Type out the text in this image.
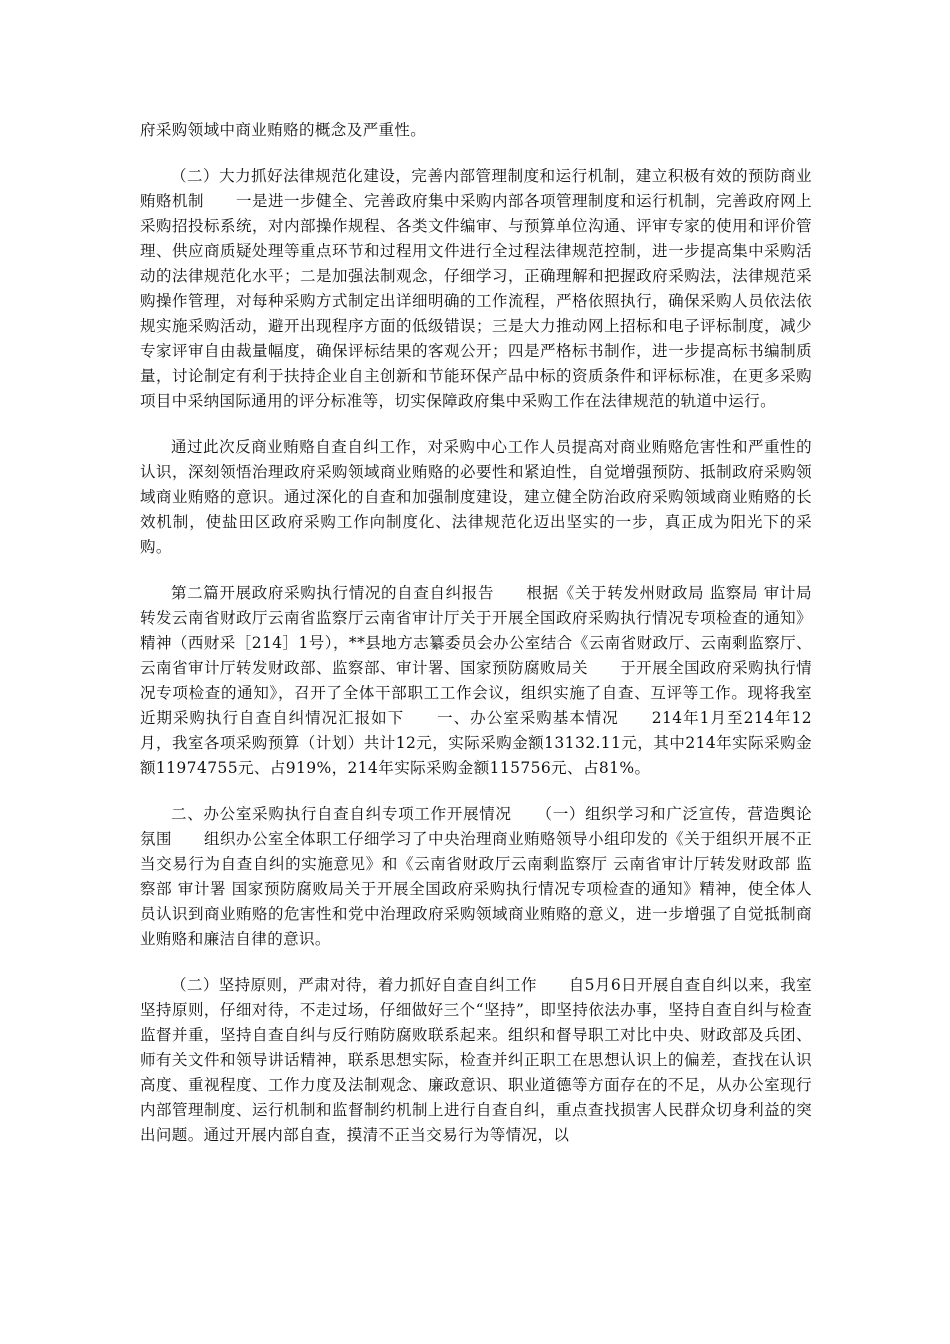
府采购领域中商业贿赂的概念及严重性。

（二）大力抓好法律规范化建设，完善内部管理制度和运行机制，建立积极有效的预防商业贿赂机制　　一是进一步健全、完善政府集中采购内部各项管理制度和运行机制，完善政府网上采购招投标系统，对内部操作规程、各类文件编审、与预算单位沟通、评审专家的使用和评价管理、供应商质疑处理等重点环节和过程用文件进行全过程法律规范控制，进一步提高集中采购活动的法律规范化水平；二是加强法制观念，仔细学习，正确理解和把握政府采购法，法律规范采购操作管理，对每种采购方式制定出详细明确的工作流程，严格依照执行，确保采购人员依法依规实施采购活动，避开出现程序方面的低级错误；三是大力推动网上招标和电子评标制度，减少专家评审自由裁量幅度，确保评标结果的客观公开；四是严格标书制作，进一步提高标书编制质量，讨论制定有利于扶持企业自主创新和节能环保产品中标的资质条件和评标标准，在更多采购项目中采纳国际通用的评分标准等，切实保障政府集中采购工作在法律规范的轨道中运行。

通过此次反商业贿赂自查自纠工作，对采购中心工作人员提高对商业贿赂危害性和严重性的认识，深刻领悟治理政府采购领域商业贿赂的必要性和紧迫性，自觉增强预防、抵制政府采购领域商业贿赂的意识。通过深化的自查和加强制度建设，建立健全防治政府采购领域商业贿赂的长效机制，使盐田区政府采购工作向制度化、法律规范化迈出坚实的一步，真正成为阳光下的采购。

第二篇开展政府采购执行情况的自查自纠报告　　根据《关于转发州财政局 监察局 审计局转发云南省财政厅云南省监察厅云南省审计厅关于开展全国政府采购执行情况专项检查的通知》精神（西财采［214］1号），**县地方志纂委员会办公室结合《云南省财政厅、云南剩监察厅、云南省审计厅转发财政部、监察部、审计署、国家预防腐败局关　　于开展全国政府采购执行情况专项检查的通知》，召开了全体干部职工工作会议，组织实施了自查、互评等工作。现将我室近期采购执行自查自纠情况汇报如下　　一、办公室采购基本情况　　214年1月至214年12月，我室各项采购预算（计划）共计12元，实际采购金额13132.11元，其中214年实际采购金额11974755元、占919%，214年实际采购金额115756元、占81%。

二、办公室采购执行自查自纠专项工作开展情况　　（一）组织学习和广泛宣传，营造舆论氛围　　组织办公室全体职工仔细学习了中央治理商业贿赂领导小组印发的《关于组织开展不正当交易行为自查自纠的实施意见》和《云南省财政厅云南剩监察厅 云南省审计厅转发财政部 监察部 审计署 国家预防腐败局关于开展全国政府采购执行情况专项检查的通知》精神，使全体人员认识到商业贿赂的危害性和党中治理政府采购领域商业贿赂的意义，进一步增强了自觉抵制商业贿赂和廉洁自律的意识。

（二）坚持原则，严肃对待，着力抓好自查自纠工作　　自5月6日开展自查自纠以来，我室坚持原则，仔细对待，不走过场，仔细做好三个“坚持”，即坚持依法办事，坚持自查自纠与检查监督并重，坚持自查自纠与反行贿防腐败联系起来。组织和督导职工对比中央、财政部及兵团、师有关文件和领导讲话精神，联系思想实际，检查并纠正职工在思想认识上的偏差，查找在认识高度、重视程度、工作力度及法制观念、廉政意识、职业道德等方面存在的不足，从办公室现行内部管理制度、运行机制和监督制约机制上进行自查自纠，重点查找损害人民群众切身利益的突出问题。通过开展内部自查，摸清不正当交易行为等情况，以
